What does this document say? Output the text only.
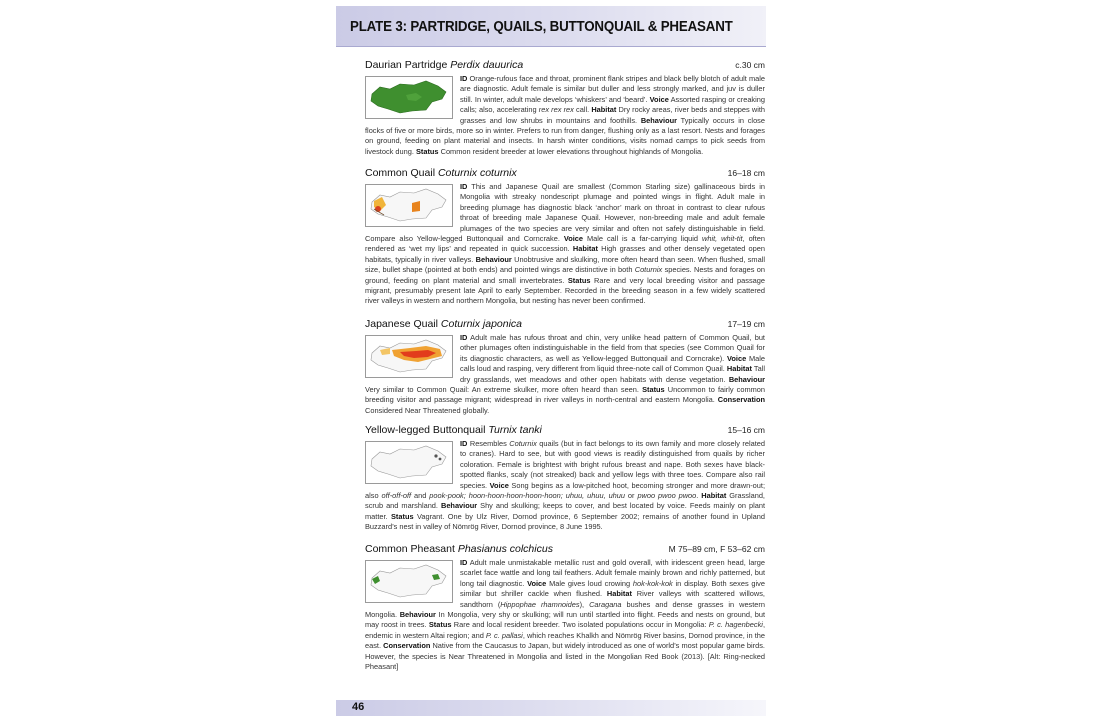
PLATE 3: PARTRIDGE, QUAILS, BUTTONQUAIL & PHEASANT
Daurian Partridge Perdix dauurica	c.30 cm
ID Orange-rufous face and throat, prominent flank stripes and black belly blotch of adult male are diagnostic. Adult female is similar but duller and less strongly marked, and juv is duller still. In winter, adult male develops ‘whiskers’ and ‘beard’. Voice Assorted rasping or creaking calls; also, accelerating rex rex rex call. Habitat Dry rocky areas, river beds and steppes with grasses and low shrubs in mountains and foothills. Behaviour Typically occurs in close flocks of five or more birds, more so in winter. Prefers to run from danger, flushing only as a last resort. Nests and forages on ground, feeding on plant material and insects. In harsh winter conditions, visits nomad camps to pick seeds from livestock dung. Status Common resident breeder at lower elevations throughout highlands of Mongolia.
Common Quail Coturnix coturnix	16–18 cm
ID This and Japanese Quail are smallest (Common Starling size) gallinaceous birds in Mongolia with streaky nondescript plumage and pointed wings in flight. Adult male in breeding plumage has diagnostic black ‘anchor’ mark on throat in contrast to clear rufous throat of breeding male Japanese Quail. However, non-breeding male and adult female plumages of the two species are very similar and often not safely distinguishable in field. Compare also Yellow-legged Buttonquail and Corncrake. Voice Male call is a far-carrying liquid whit, whit-tit, often rendered as ‘wet my lips’ and repeated in quick succession. Habitat High grasses and other densely vegetated open habitats, typically in river valleys. Behaviour Unobtrusive and skulking, more often heard than seen. When flushed, small size, bullet shape (pointed at both ends) and pointed wings are distinctive in both Coturnix species. Nests and forages on ground, feeding on plant material and small invertebrates. Status Rare and very local breeding visitor and passage migrant, presumably present late April to early September. Recorded in the breeding season in a few widely scattered river valleys in western and northern Mongolia, but nesting has never been confirmed.
Japanese Quail Coturnix japonica	17–19 cm
ID Adult male has rufous throat and chin, very unlike head pattern of Common Quail, but other plumages often indistinguishable in the field from that species (see Common Quail for its diagnostic characters, as well as Yellow-legged Buttonquail and Corncrake). Voice Male calls loud and rasping, very different from liquid three-note call of Common Quail. Habitat Tall dry grasslands, wet meadows and other open habitats with dense vegetation. Behaviour Very similar to Common Quail: An extreme skulker, more often heard than seen. Status Uncommon to fairly common breeding visitor and passage migrant; widespread in river valleys in north-central and eastern Mongolia. Conservation Considered Near Threatened globally.
Yellow-legged Buttonquail Turnix tanki	15–16 cm
ID Resembles Coturnix quails (but in fact belongs to its own family and more closely related to cranes). Hard to see, but with good views is readily distinguished from quails by richer coloration. Female is brightest with bright rufous breast and nape. Both sexes have black-spotted flanks, scaly (not streaked) back and yellow legs with three toes. Compare also rail species. Voice Song begins as a low-pitched hoot, becoming stronger and more drawn-out; also off-off-off and pook-pook; hoon-hoon-hoon-hoon-hoon; uhuu, uhuu, uhuu or pwoo pwoo pwoo. Habitat Grassland, scrub and marshland. Behaviour Shy and skulking; keeps to cover, and best located by voice. Feeds mainly on plant matter. Status Vagrant. One by Ulz River, Dornod province, 6 September 2002; remains of another found in Upland Buzzard’s nest in valley of Nömrög River, Dornod province, 8 June 1995.
Common Pheasant Phasianus colchicus	M 75–89 cm, F 53–62 cm
ID Adult male unmistakable metallic rust and gold overall, with iridescent green head, large scarlet face wattle and long tail feathers. Adult female mainly brown and richly patterned, but long tail diagnostic. Voice Male gives loud crowing hok-kok-kok in display. Both sexes give similar but shriller cackle when flushed. Habitat River valleys with scattered willows, sandthorn (Hippophae rhamnoides), Caragana bushes and dense grasses in western Mongolia. Behaviour In Mongolia, very shy or skulking; will run until startled into flight. Feeds and nests on ground, but may roost in trees. Status Rare and local resident breeder. Two isolated populations occur in Mongolia: P. c. hagenbecki, endemic in western Altai region; and P. c. pallasi, which reaches Khalkh and Nömrög River basins, Dornod province, in the east. Conservation Native from the Caucasus to Japan, but widely introduced as one of world’s most popular game birds. However, the species is Near Threatened in Mongolia and listed in the Mongolian Red Book (2013). [Alt: Ring-necked Pheasant]
46
